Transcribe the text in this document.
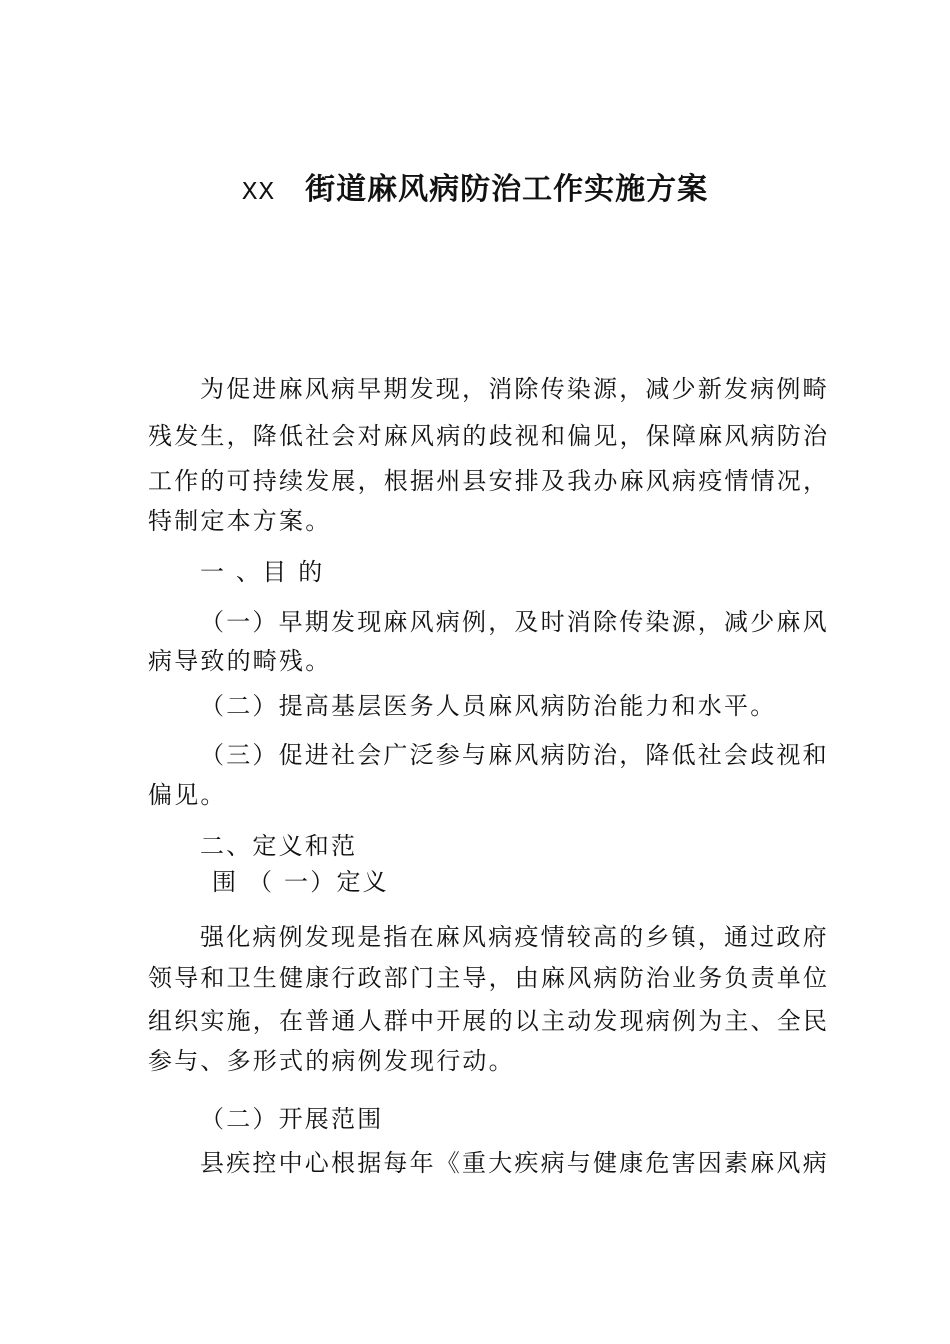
XX 街道麻风病防治工作实施方案

为促进麻风病早期发现，消除传染源，减少新发病例畸

残发生，降低社会对麻风病的歧视和偏见，保障麻风病防治

工作的可持续发展，根据州县安排及我办麻风病疫情情况，

特制定本方案。

一 、目 的

（一）早期发现麻风病例，及时消除传染源，减少麻风

病导致的畸残。

（二）提高基层医务人员麻风病防治能力和水平。

（三）促进社会广泛参与麻风病防治，降低社会歧视和

偏见。

二、定义和范

围 （ 一）定义

强化病例发现是指在麻风病疫情较高的乡镇，通过政府

领导和卫生健康行政部门主导，由麻风病防治业务负责单位

组织实施，在普通人群中开展的以主动发现病例为主、全民

参与、多形式的病例发现行动。

（二）开展范围

县疾控中心根据每年《重大疾病与健康危害因素麻风病
